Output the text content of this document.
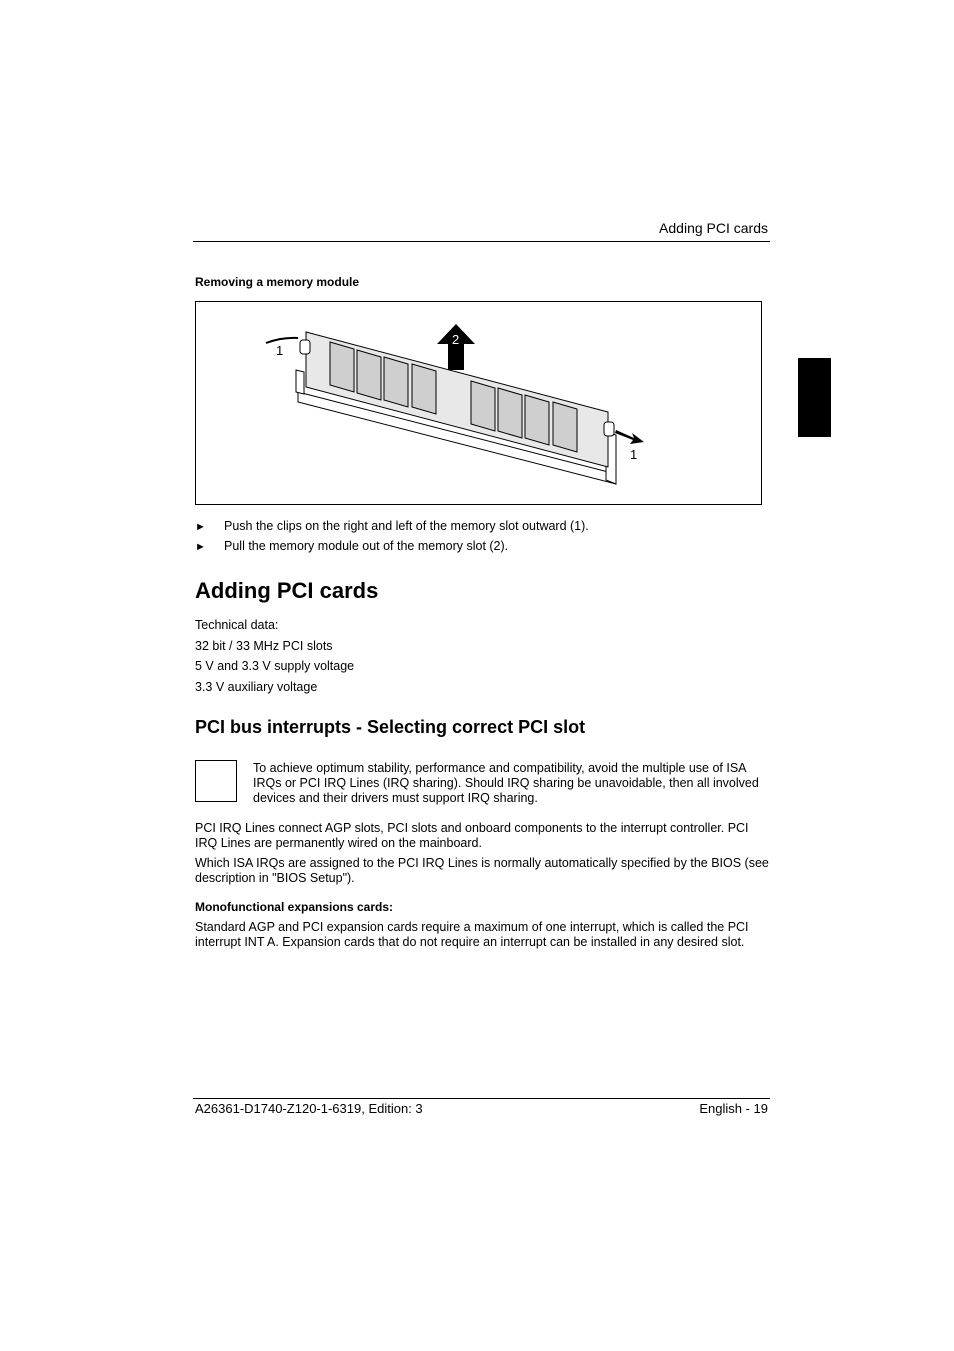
Adding PCI cards
Removing a memory module
1
2
1
► Push the clips on the right and left of the memory slot outward (1).
► Pull the memory module out of the memory slot (2).
Adding PCI cards
Technical data:
32 bit / 33 MHz PCI slots
5 V and 3.3 V supply voltage
3.3 V auxiliary voltage
PCI bus interrupts - Selecting correct PCI slot
To achieve optimum stability, performance and compatibility, avoid the multiple use of ISA IRQs or PCI IRQ Lines (IRQ sharing). Should IRQ sharing be unavoidable, then all involved devices and their drivers must support IRQ sharing.
PCI IRQ Lines connect AGP slots, PCI slots and onboard components to the interrupt controller. PCI IRQ Lines are permanently wired on the mainboard.
Which ISA IRQs are assigned to the PCI IRQ Lines is normally automatically specified by the BIOS (see description in "BIOS Setup").
Monofunctional expansions cards:
Standard AGP and PCI expansion cards require a maximum of one interrupt, which is called the PCI interrupt INT A. Expansion cards that do not require an interrupt can be installed in any desired slot.
A26361-D1740-Z120-1-6319, Edition: 3	English - 19
